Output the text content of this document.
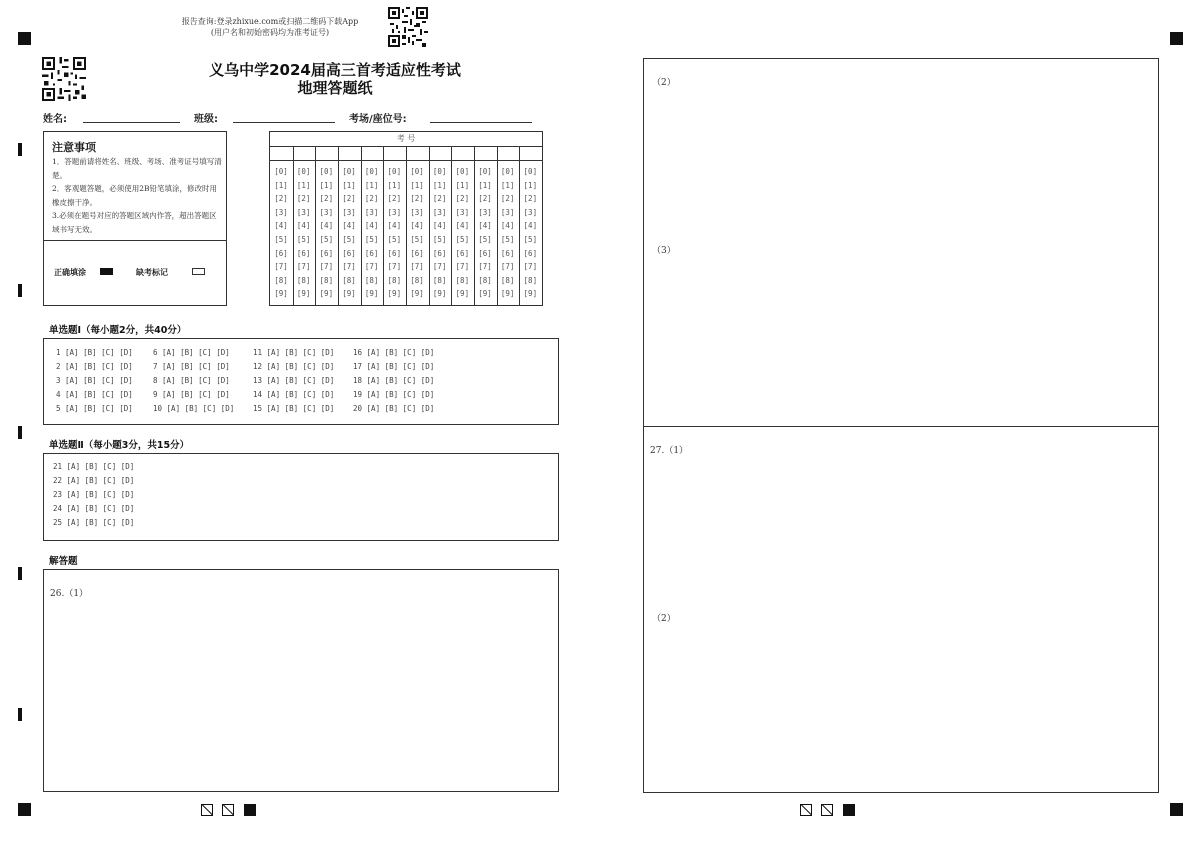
报告查询:登录zhixue.com或扫描二维码下载App
(用户名和初始密码均为准考证号)
义乌中学2024届高三首考适应性考试
地理答题纸
姓名:	班级:	考场/座位号:
注意事项
1．答题前请将姓名、班级、考场、准考证号填写清楚。
2．客观题答题，必须使用2B铅笔填涂，修改时用橡皮擦干净。
3.必须在题号对应的答题区域内作答，超出答题区域书写无效。
正确填涂	缺考标记
考 号
[0]	[0]	[0]	[0]	[0]	[0]	[0]	[0]	[0]	[0]	[0]	[0]
[1]	[1]	[1]	[1]	[1]	[1]	[1]	[1]	[1]	[1]	[1]	[1]
[2]	[2]	[2]	[2]	[2]	[2]	[2]	[2]	[2]	[2]	[2]	[2]
[3]	[3]	[3]	[3]	[3]	[3]	[3]	[3]	[3]	[3]	[3]	[3]
[4]	[4]	[4]	[4]	[4]	[4]	[4]	[4]	[4]	[4]	[4]	[4]
[5]	[5]	[5]	[5]	[5]	[5]	[5]	[5]	[5]	[5]	[5]	[5]
[6]	[6]	[6]	[6]	[6]	[6]	[6]	[6]	[6]	[6]	[6]	[6]
[7]	[7]	[7]	[7]	[7]	[7]	[7]	[7]	[7]	[7]	[7]	[7]
[8]	[8]	[8]	[8]	[8]	[8]	[8]	[8]	[8]	[8]	[8]	[8]
[9]	[9]	[9]	[9]	[9]	[9]	[9]	[9]	[9]	[9]	[9]	[9]
单选题Ⅰ（每小题2分，共40分）
1 [A] [B] [C] [D]
2 [A] [B] [C] [D]
3 [A] [B] [C] [D]
4 [A] [B] [C] [D]
5 [A] [B] [C] [D]
6 [A] [B] [C] [D]
7 [A] [B] [C] [D]
8 [A] [B] [C] [D]
9 [A] [B] [C] [D]
10 [A] [B] [C] [D]
11 [A] [B] [C] [D]
12 [A] [B] [C] [D]
13 [A] [B] [C] [D]
14 [A] [B] [C] [D]
15 [A] [B] [C] [D]
16 [A] [B] [C] [D]
17 [A] [B] [C] [D]
18 [A] [B] [C] [D]
19 [A] [B] [C] [D]
20 [A] [B] [C] [D]
单选题Ⅱ（每小题3分，共15分）
21 [A] [B] [C] [D]
22 [A] [B] [C] [D]
23 [A] [B] [C] [D]
24 [A] [B] [C] [D]
25 [A] [B] [C] [D]
解答题
26.（1）
（2）
（3）
27.（1）
（2）
